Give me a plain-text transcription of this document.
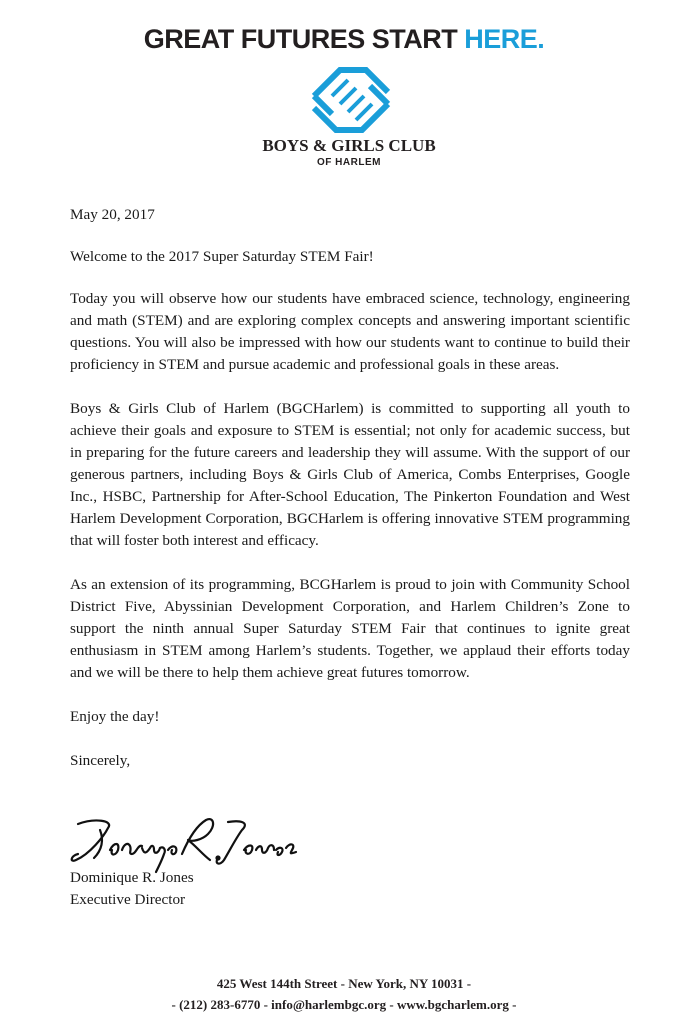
GREAT FUTURES START HERE.
BOYS & GIRLS CLUB
OF HARLEM

May 20, 2017

Welcome to the 2017 Super Saturday STEM Fair!

Today you will observe how our students have embraced science, technology, engineering and math (STEM) and are exploring complex concepts and answering important scientific questions. You will also be impressed with how our students want to continue to build their proficiency in STEM and pursue academic and professional goals in these areas.

Boys & Girls Club of Harlem (BGCHarlem) is committed to supporting all youth to achieve their goals and exposure to STEM is essential; not only for academic success, but in preparing for the future careers and leadership they will assume. With the support of our generous partners, including Boys & Girls Club of America, Combs Enterprises, Google Inc., HSBC, Partnership for After-School Education, The Pinkerton Foundation and West Harlem Development Corporation, BGCHarlem is offering innovative STEM programming that will foster both interest and efficacy.

As an extension of its programming, BCGHarlem is proud to join with Community School District Five, Abyssinian Development Corporation, and Harlem Children’s Zone to support the ninth annual Super Saturday STEM Fair that continues to ignite great enthusiasm in STEM among Harlem’s students. Together, we applaud their efforts today and we will be there to help them achieve great futures tomorrow.

Enjoy the day!

Sincerely,

Dominique R. Jones
Executive Director
425 West 144th Street - New York, NY 10031 -
- (212) 283-6770 - info@harlembgc.org - www.bgcharlem.org -
